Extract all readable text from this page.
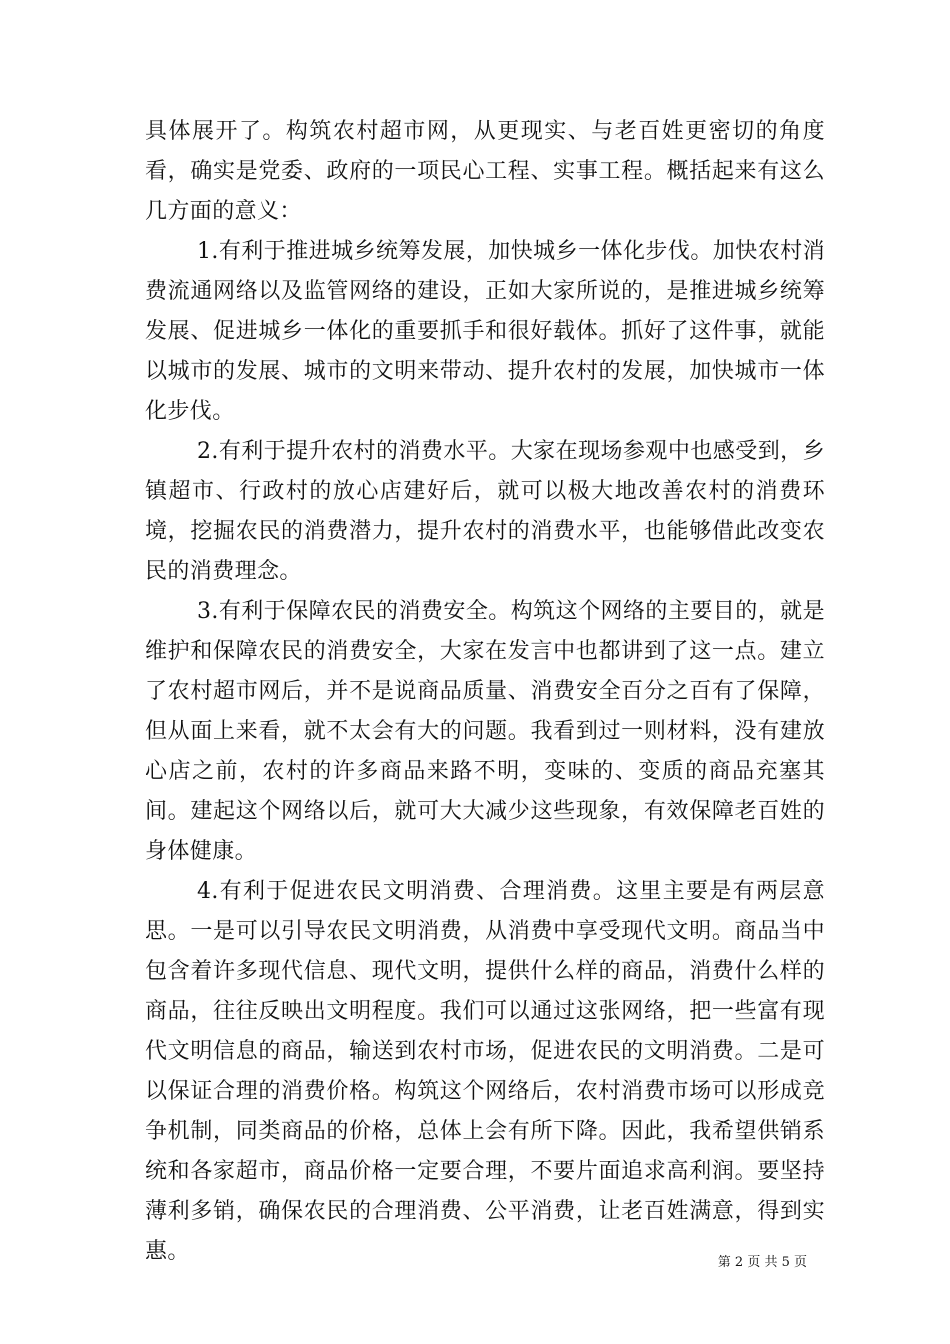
具体展开了。构筑农村超市网，从更现实、与老百姓更密切的角度看，确实是党委、政府的一项民心工程、实事工程。概括起来有这么几方面的意义：

1.有利于推进城乡统筹发展，加快城乡一体化步伐。加快农村消费流通网络以及监管网络的建设，正如大家所说的，是推进城乡统筹发展、促进城乡一体化的重要抓手和很好载体。抓好了这件事，就能以城市的发展、城市的文明来带动、提升农村的发展，加快城市一体化步伐。

2.有利于提升农村的消费水平。大家在现场参观中也感受到，乡镇超市、行政村的放心店建好后，就可以极大地改善农村的消费环境，挖掘农民的消费潜力，提升农村的消费水平，也能够借此改变农民的消费理念。

3.有利于保障农民的消费安全。构筑这个网络的主要目的，就是维护和保障农民的消费安全，大家在发言中也都讲到了这一点。建立了农村超市网后，并不是说商品质量、消费安全百分之百有了保障，但从面上来看，就不太会有大的问题。我看到过一则材料，没有建放心店之前，农村的许多商品来路不明，变味的、变质的商品充塞其间。建起这个网络以后，就可大大减少这些现象，有效保障老百姓的身体健康。

4.有利于促进农民文明消费、合理消费。这里主要是有两层意思。一是可以引导农民文明消费，从消费中享受现代文明。商品当中包含着许多现代信息、现代文明，提供什么样的商品，消费什么样的商品，往往反映出文明程度。我们可以通过这张网络，把一些富有现代文明信息的商品，输送到农村市场，促进农民的文明消费。二是可以保证合理的消费价格。构筑这个网络后，农村消费市场可以形成竞争机制，同类商品的价格，总体上会有所下降。因此，我希望供销系统和各家超市，商品价格一定要合理，不要片面追求高利润。要坚持薄利多销，确保农民的合理消费、公平消费，让老百姓满意，得到实惠。	第 2 页 共 5 页
